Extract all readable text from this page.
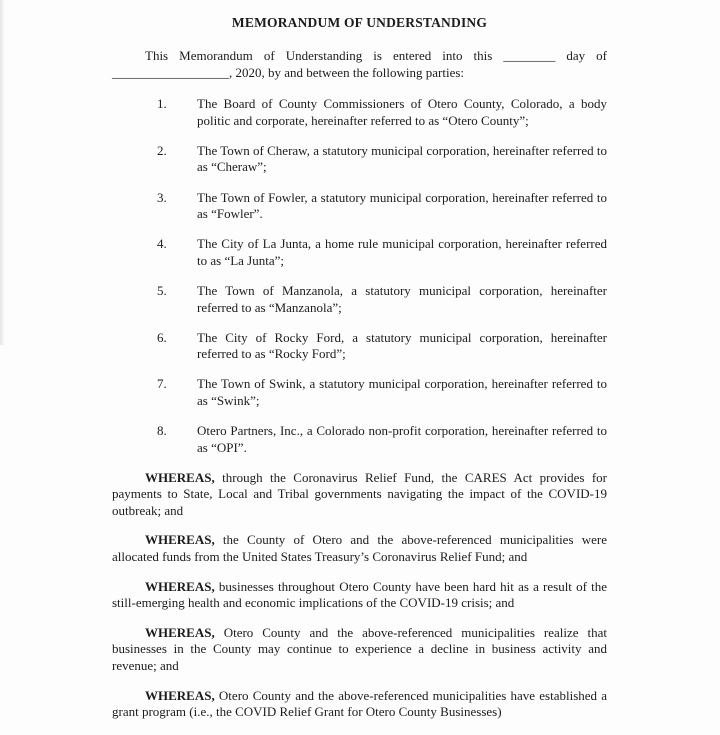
MEMORANDUM OF UNDERSTANDING

This Memorandum of Understanding is entered into this ________ day of __________________, 2020, by and between the following parties:

1.	The Board of County Commissioners of Otero County, Colorado, a body politic and corporate, hereinafter referred to as “Otero County”;
2.	The Town of Cheraw, a statutory municipal corporation, hereinafter referred to as “Cheraw”;
3.	The Town of Fowler, a statutory municipal corporation, hereinafter referred to as “Fowler”.
4.	The City of La Junta, a home rule municipal corporation, hereinafter referred to as “La Junta”;
5.	The Town of Manzanola, a statutory municipal corporation, hereinafter referred to as “Manzanola”;
6.	The City of Rocky Ford, a statutory municipal corporation, hereinafter referred to as “Rocky Ford”;
7.	The Town of Swink, a statutory municipal corporation, hereinafter referred to as “Swink”;
8.	Otero Partners, Inc., a Colorado non-profit corporation, hereinafter referred to as “OPI”.

WHEREAS, through the Coronavirus Relief Fund, the CARES Act provides for payments to State, Local and Tribal governments navigating the impact of the COVID-19 outbreak; and

WHEREAS, the County of Otero and the above-referenced municipalities were allocated funds from the United States Treasury’s Coronavirus Relief Fund; and

WHEREAS, businesses throughout Otero County have been hard hit as a result of the still-emerging health and economic implications of the COVID-19 crisis; and

WHEREAS, Otero County and the above-referenced municipalities realize that businesses in the County may continue to experience a decline in business activity and revenue; and

WHEREAS, Otero County and the above-referenced municipalities have established a grant program (i.e., the COVID Relief Grant for Otero County Businesses)
